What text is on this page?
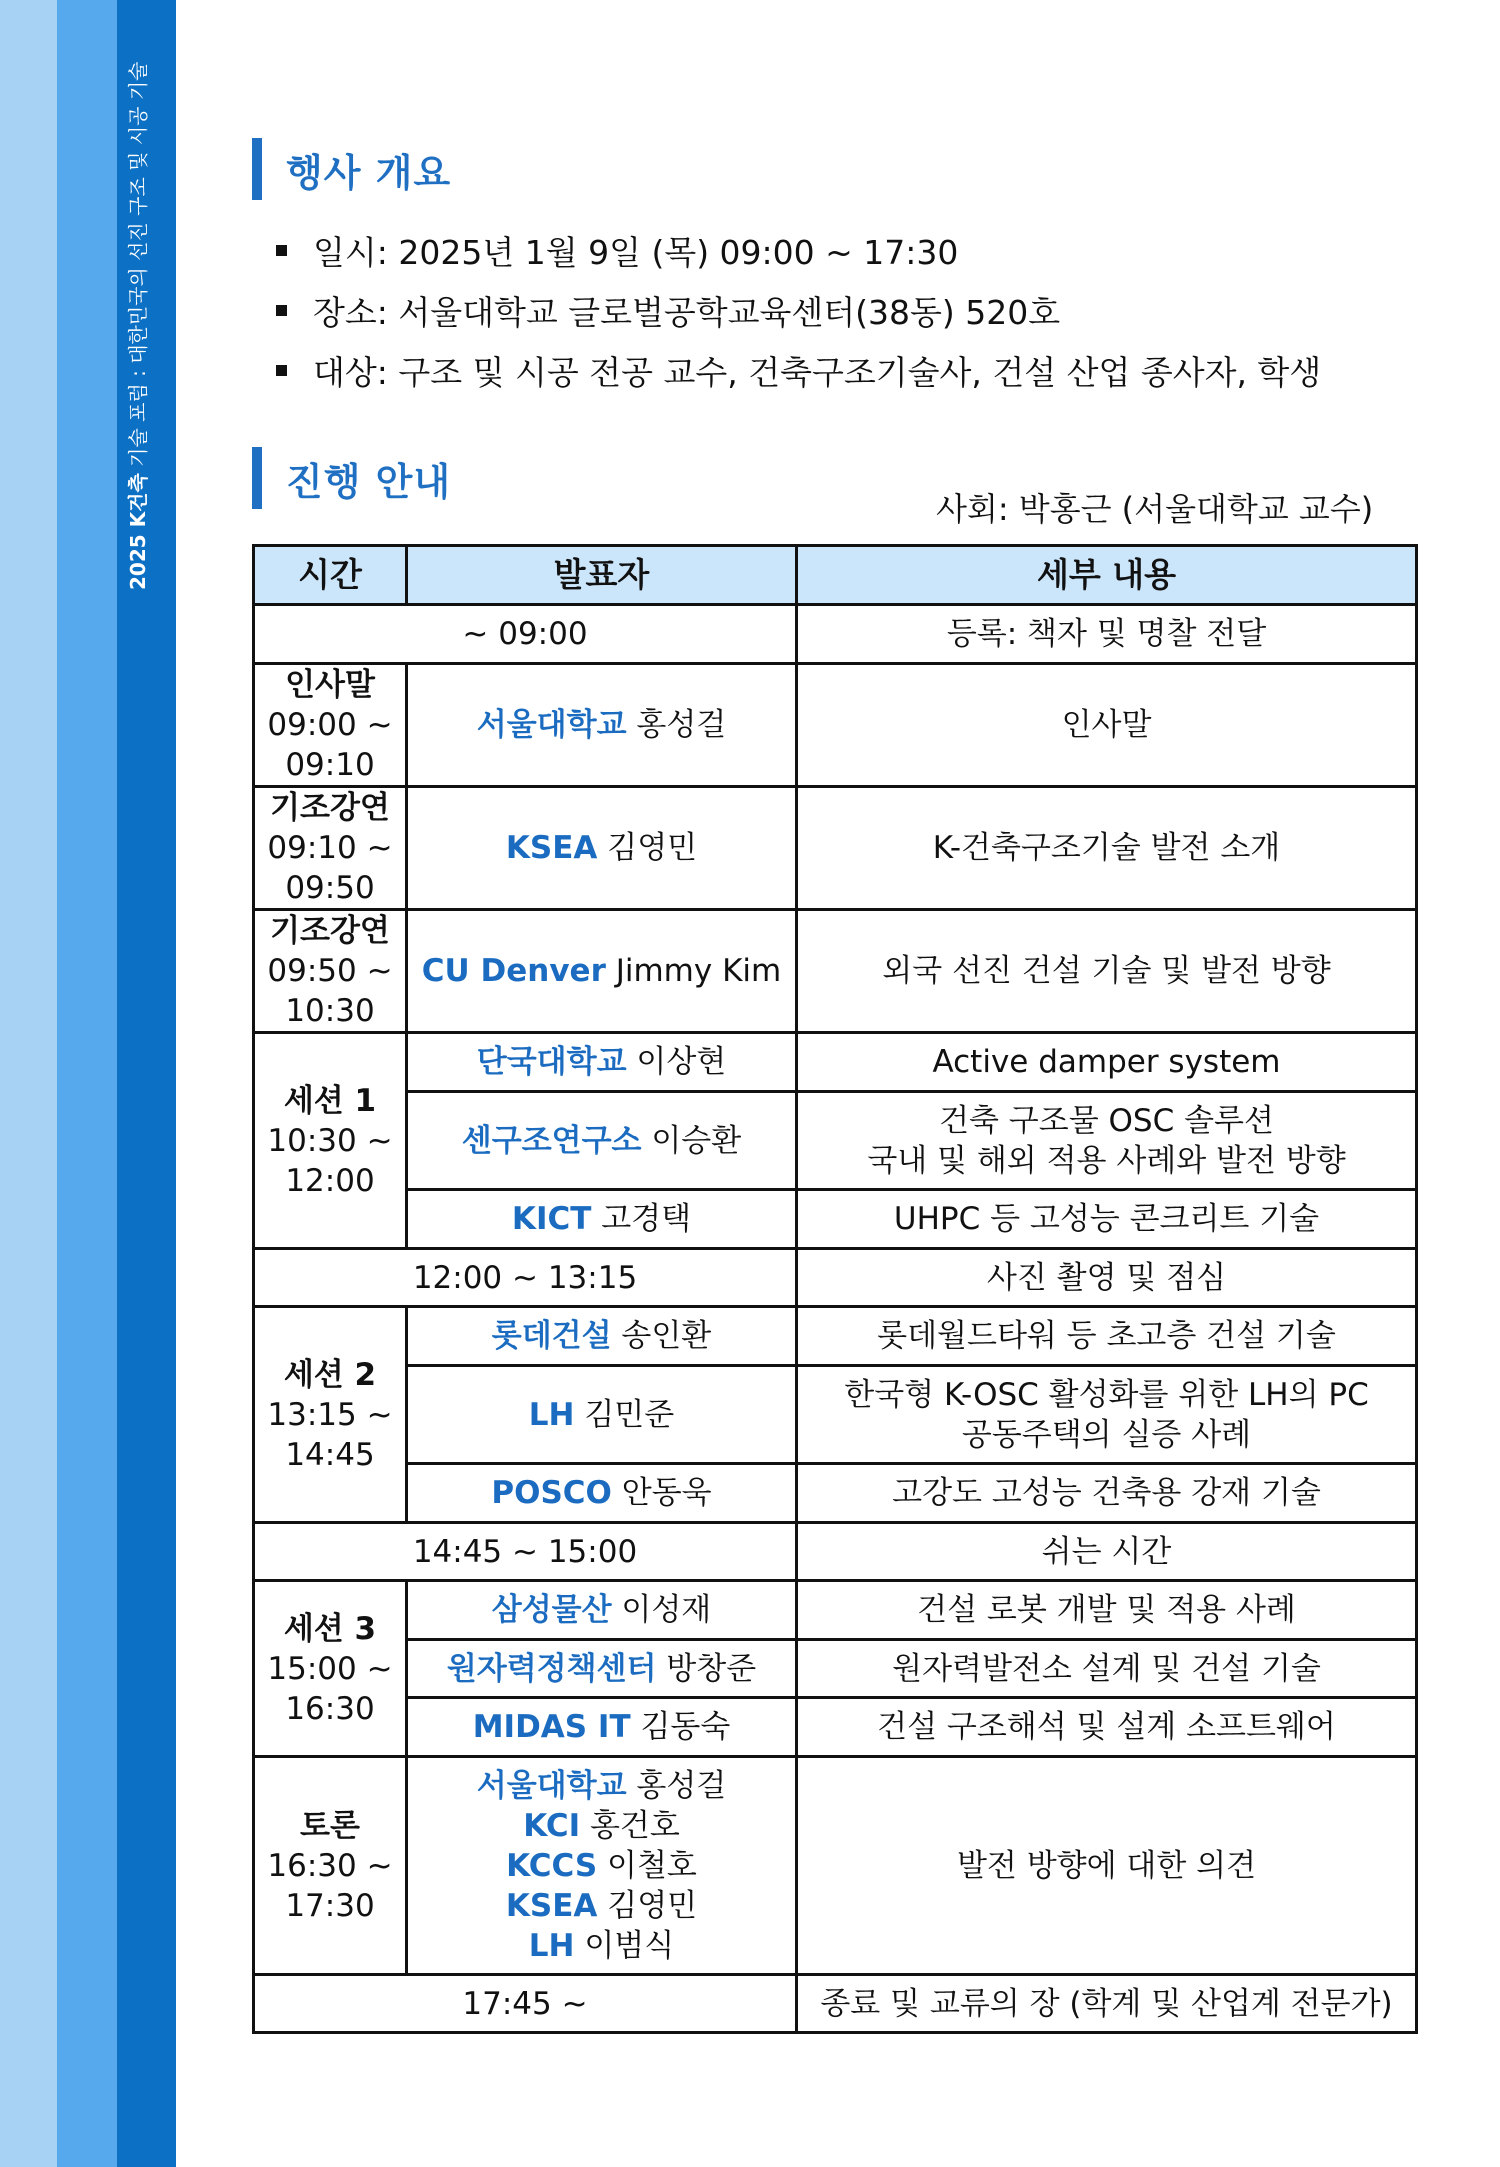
2025 K건축 기술 포럼 : 대한민국의 선진 구조 및 시공 기술	행사 개요
일시: 2025년 1월 9일 (목) 09:00 ~ 17:30
장소: 서울대학교 글로벌공학교육센터(38동) 520호
대상: 구조 및 시공 전공 교수, 건축구조기술사, 건설 산업 종사자, 학생
진행 안내
사회: 박홍근 (서울대학교 교수)
시간	발표자	세부 내용
~ 09:00		등록: 책자 및 명찰 전달

인사말
09:00 ~
09:10	서울대학교 홍성걸	인사말

기조강연
09:10 ~
09:50	KSEA 김영민	K-건축구조기술 발전 소개

기조강연
09:50 ~
10:30	CU Denver Jimmy Kim	외국 선진 건설 기술 및 발전 방향

세션 1
10:30 ~
12:00	단국대학교 이상현	Active damper system
	센구조연구소 이승환	건축 구조물 OSC 솔루션
국내 및 해외 적용 사례와 발전 방향

	KICT 고경택	UHPC 등 고성능 콘크리트 기술
12:00 ~ 13:15		사진 촬영 및 점심

세션 2
13:15 ~
14:45	롯데건설 송인환	롯데월드타워 등 초고층 건설 기술
	LH 김민준	한국형 K-OSC 활성화를 위한 LH의 PC
공동주택의 실증 사례

	POSCO 안동욱	고강도 고성능 건축용 강재 기술
14:45 ~ 15:00		쉬는 시간

세션 3
15:00 ~
16:30	삼성물산 이성재	건설 로봇 개발 및 적용 사례
	원자력정책센터 방창준	원자력발전소 설계 및 건설 기술
	MIDAS IT 김동숙	건설 구조해석 및 설계 소프트웨어

토론
16:30 ~
17:30	서울대학교 홍성걸
KCI 홍건호
KCCS 이철호
KSEA 김영민
LH 이범식	발전 방향에 대한 의견
17:45 ~		종료 및 교류의 장 (학계 및 산업계 전문가)
